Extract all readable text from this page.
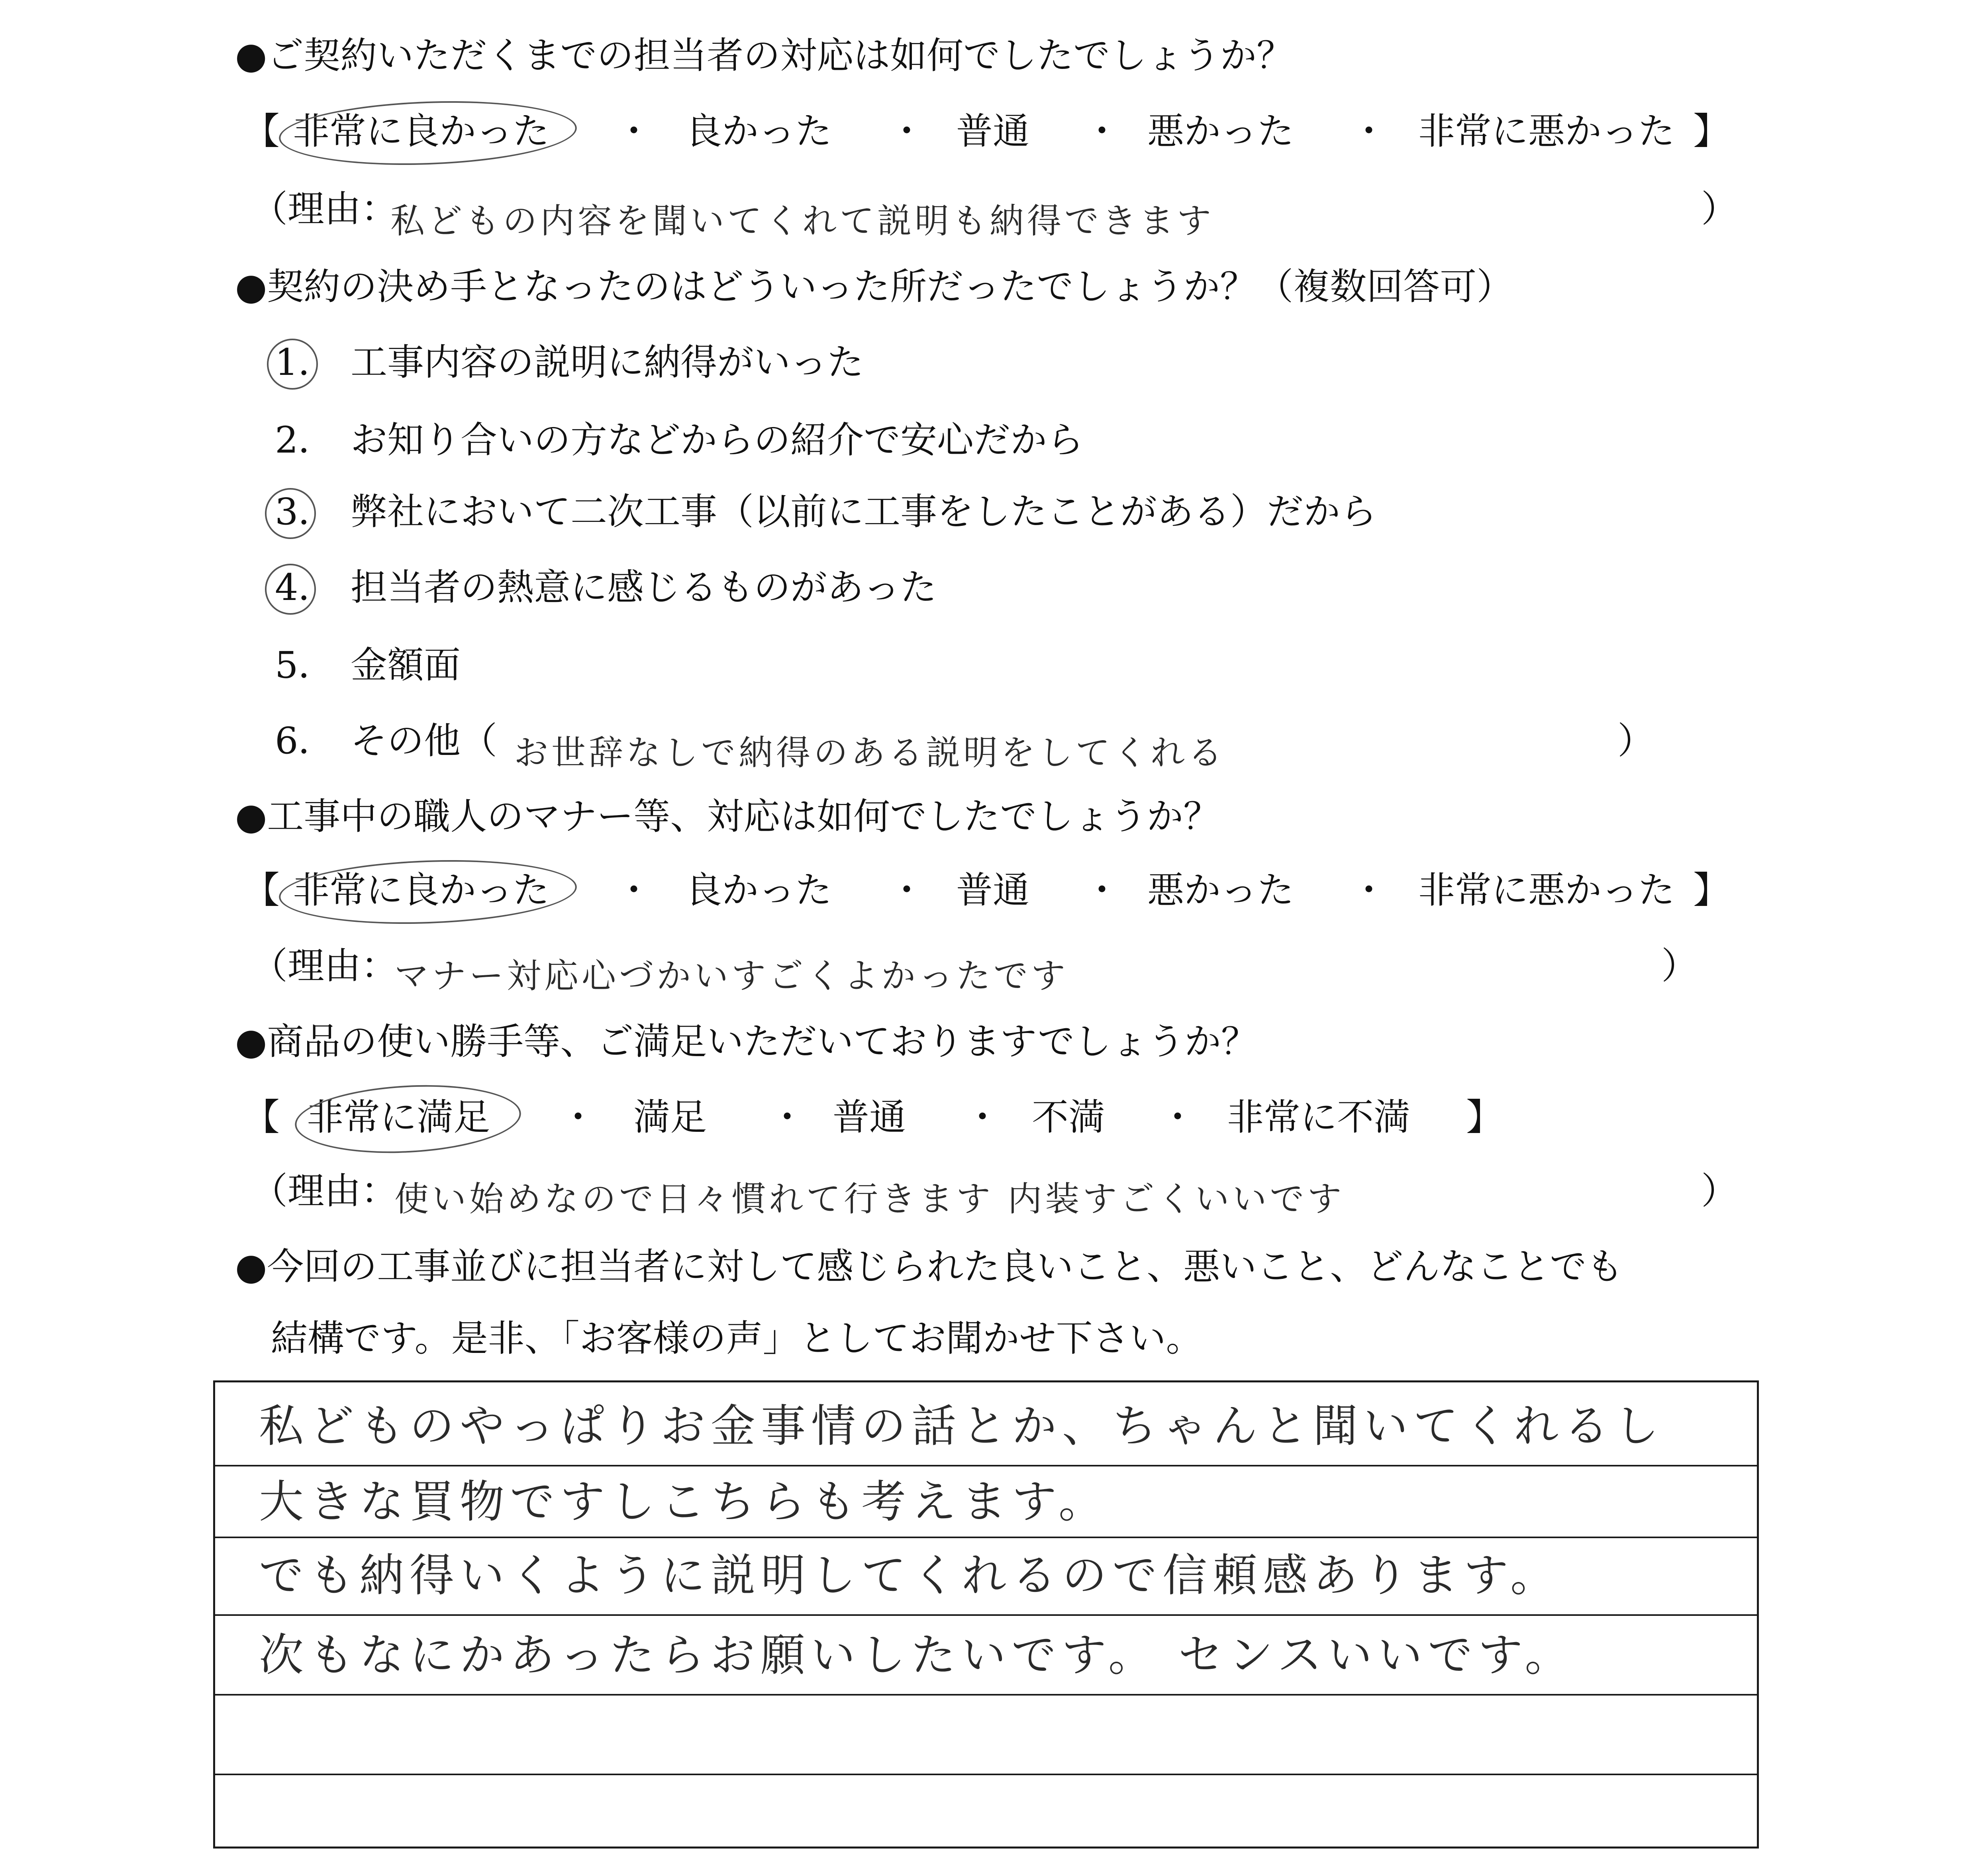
●ご契約いただくまでの担当者の対応は如何でしたでしょうか？
【 非常に良かった ・ 良かった ・ 普通 ・ 悪かった ・ 非常に悪かった 】
（理由：
私どもの内容を聞いてくれて説明も納得できます	）
●契約の決め手となったのはどういった所だったでしょうか？（複数回答可）
1． 工事内容の説明に納得がいった
2． お知り合いの方などからの紹介で安心だから
3． 弊社において二次工事（以前に工事をしたことがある）だから
4． 担当者の熱意に感じるものがあった
5． 金額面
6． その他（ お世辞なしで納得のある説明をしてくれる	）
●工事中の職人のマナー等、対応は如何でしたでしょうか？
【 非常に良かった ・ 良かった ・ 普通 ・ 悪かった ・ 非常に悪かった 】
（理由：
マナー対応心づかいすごくよかったです	）
●商品の使い勝手等、ご満足いただいておりますでしょうか？
【 非常に満足 ・ 満足 ・ 普通 ・ 不満 ・ 非常に不満 】
（理由：
使い始めなので日々慣れて行きます 内装すごくいいです	）
●今回の工事並びに担当者に対して感じられた良いこと、悪いこと、どんなことでも
結構です。是非、「お客様の声」としてお聞かせ下さい。
私どものやっぱりお金事情の話とか、ちゃんと聞いてくれるし
大きな買物ですしこちらも考えます。
でも納得いくように説明してくれるので信頼感あります。
次もなにかあったらお願いしたいです。 センスいいです。
